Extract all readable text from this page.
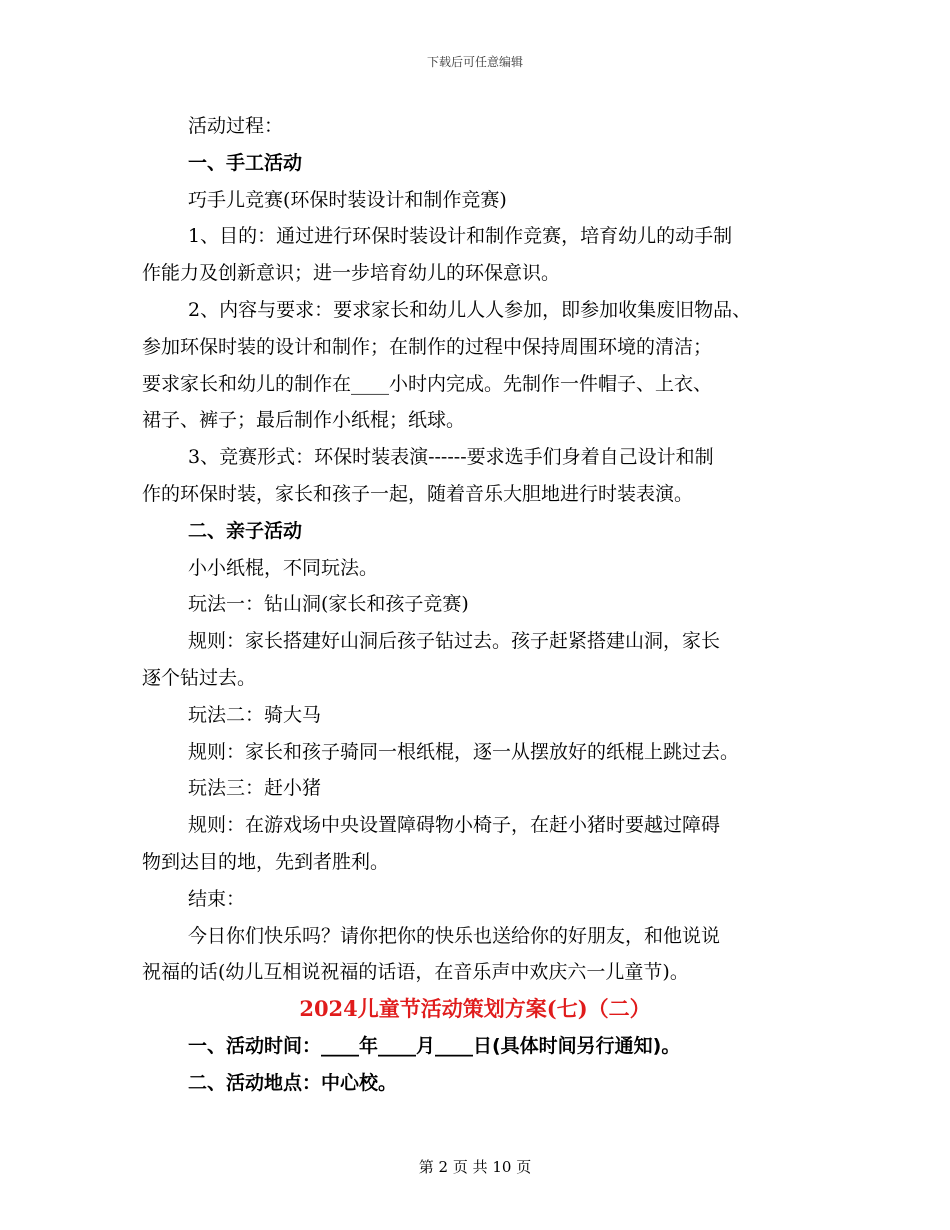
下载后可任意编辑
活动过程：
一、手工活动
巧手儿竞赛(环保时装设计和制作竞赛)
1、目的：通过进行环保时装设计和制作竞赛，培育幼儿的动手制
作能力及创新意识；进一步培育幼儿的环保意识。
2、内容与要求：要求家长和幼儿人人参加，即参加收集废旧物品、
参加环保时装的设计和制作；在制作的过程中保持周围环境的清洁；
要求家长和幼儿的制作在____小时内完成。先制作一件帽子、上衣、
裙子、裤子；最后制作小纸棍；纸球。
3、竞赛形式：环保时装表演------要求选手们身着自己设计和制
作的环保时装，家长和孩子一起，随着音乐大胆地进行时装表演。
二、亲子活动
小小纸棍，不同玩法。
玩法一：钻山洞(家长和孩子竞赛)
规则：家长搭建好山洞后孩子钻过去。孩子赶紧搭建山洞，家长
逐个钻过去。
玩法二：骑大马
规则：家长和孩子骑同一根纸棍，逐一从摆放好的纸棍上跳过去。
玩法三：赶小猪
规则：在游戏场中央设置障碍物小椅子，在赶小猪时要越过障碍
物到达目的地，先到者胜利。
结束：
今日你们快乐吗？请你把你的快乐也送给你的好朋友，和他说说
祝福的话(幼儿互相说祝福的话语，在音乐声中欢庆六一儿童节)。
2024儿童节活动策划方案(七)（二）
一、活动时间：____年____月____日(具体时间另行通知)。
二、活动地点：中心校。
第 2 页 共 10 页
